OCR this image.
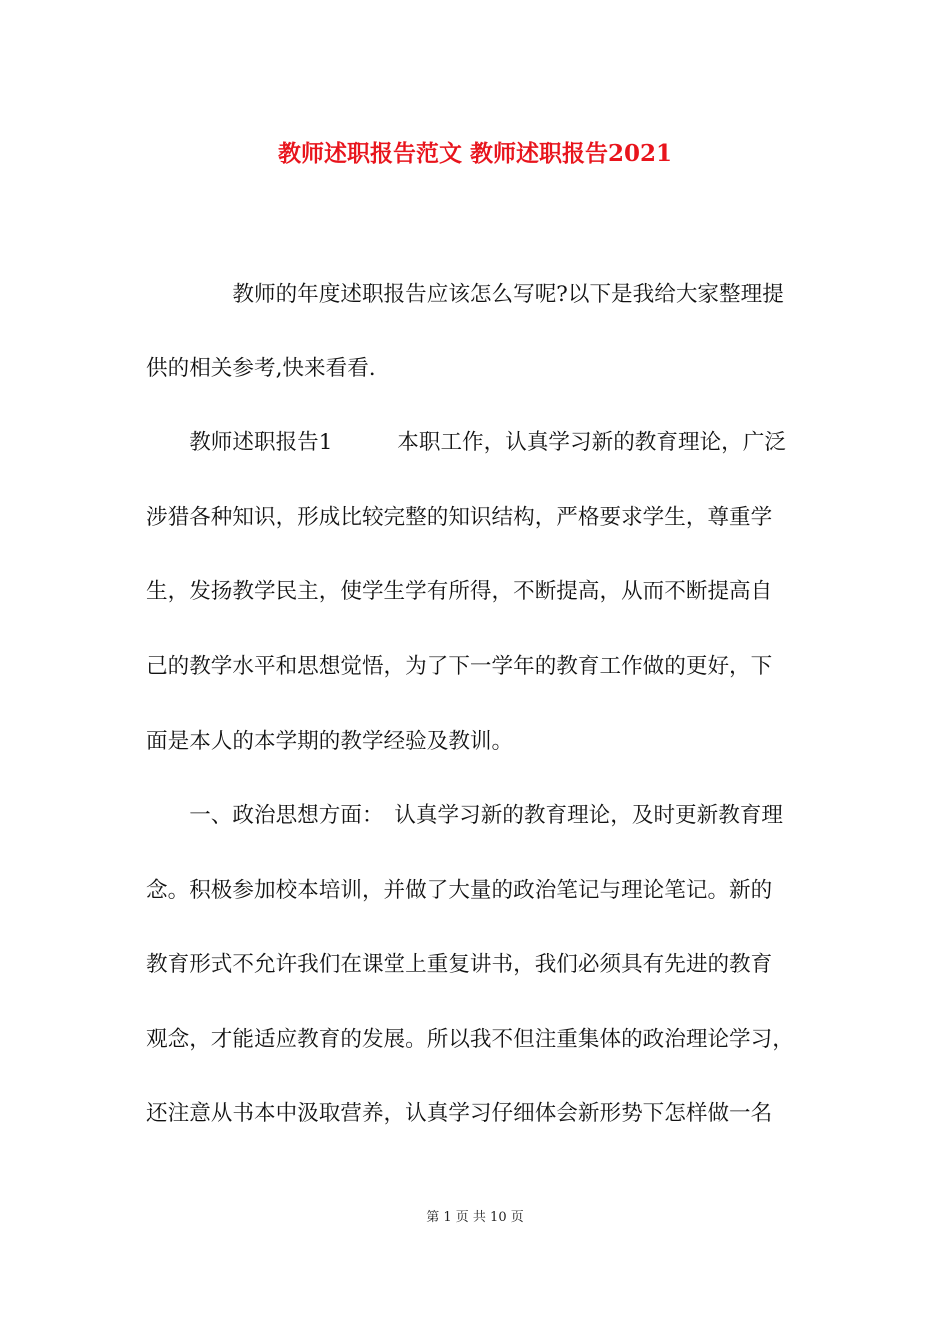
教师述职报告范文 教师述职报告2021
　　　　教师的年度述职报告应该怎么写呢?以下是我给大家整理提
供的相关参考,快来看看.
　　教师述职报告1　　　本职工作，认真学习新的教育理论，广泛
涉猎各种知识，形成比较完整的知识结构，严格要求学生，尊重学
生，发扬教学民主，使学生学有所得，不断提高，从而不断提高自
己的教学水平和思想觉悟，为了下一学年的教育工作做的更好，下
面是本人的本学期的教学经验及教训。
　　一、政治思想方面：　认真学习新的教育理论，及时更新教育理
念。积极参加校本培训，并做了大量的政治笔记与理论笔记。新的
教育形式不允许我们在课堂上重复讲书，我们必须具有先进的教育
观念，才能适应教育的发展。所以我不但注重集体的政治理论学习，
还注意从书本中汲取营养，认真学习仔细体会新形势下怎样做一名
第 1 页 共 10 页
